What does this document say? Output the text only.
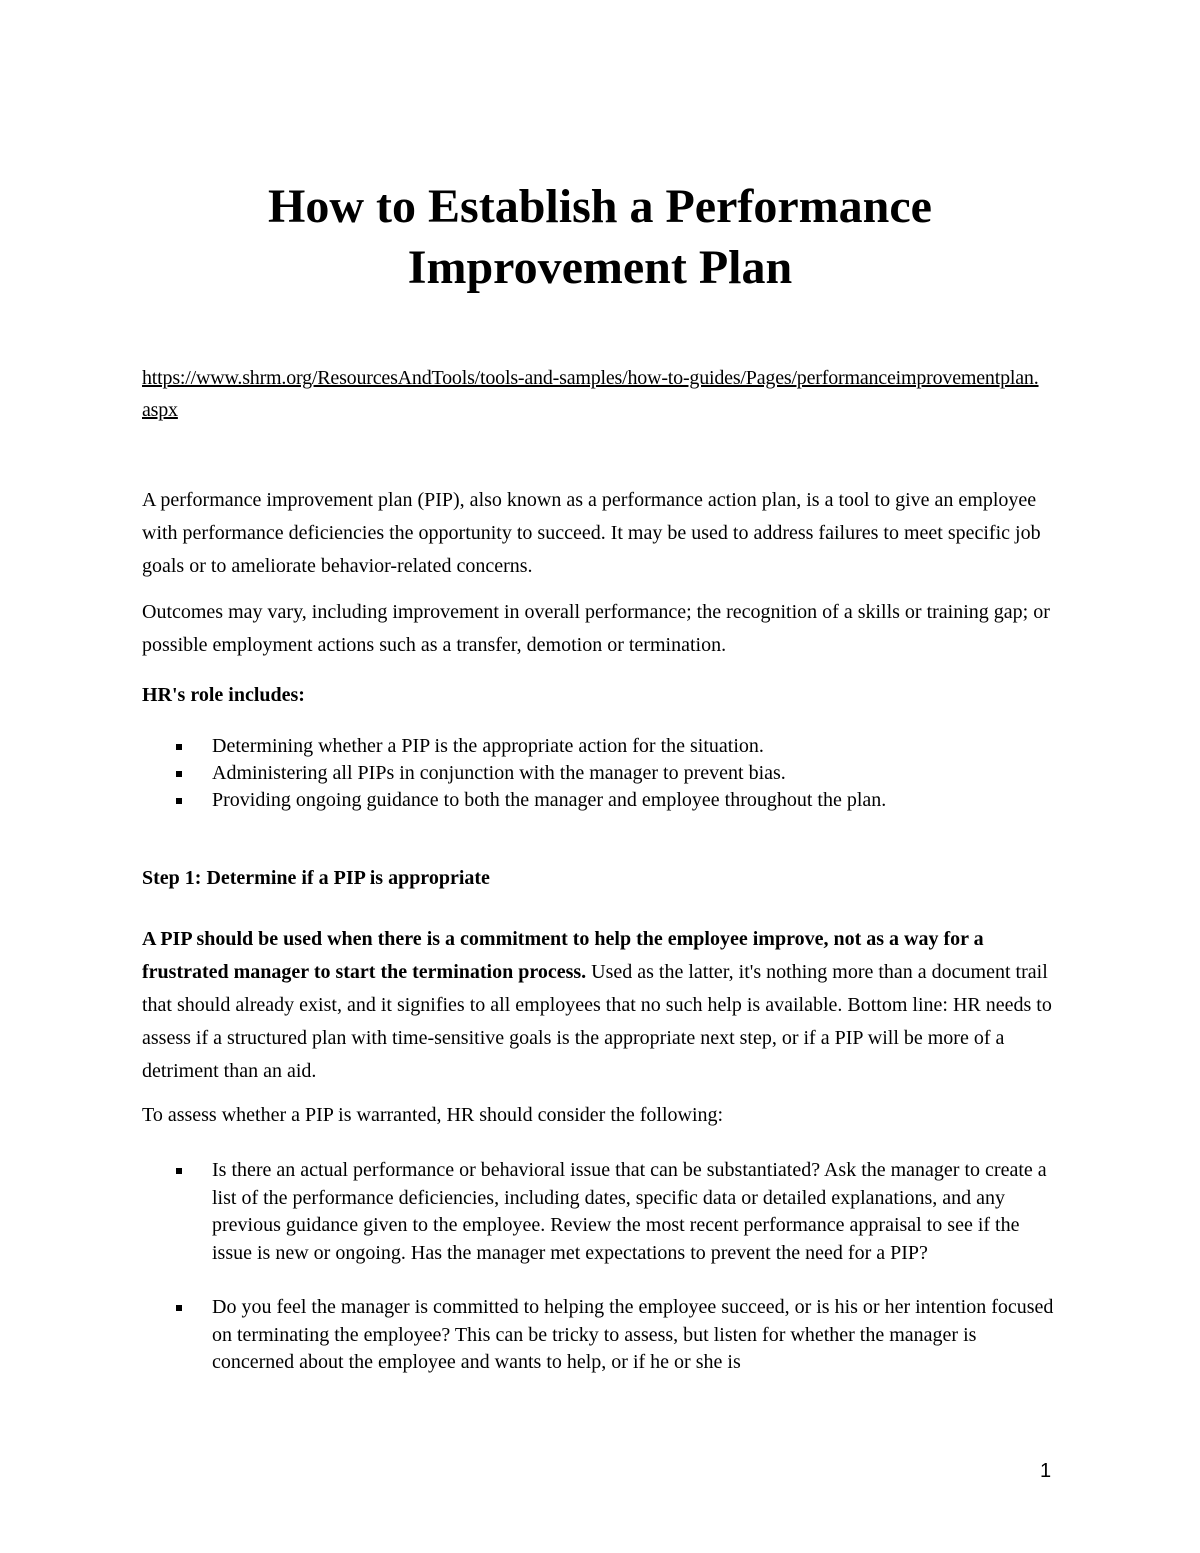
How to Establish a Performance
Improvement Plan
https://www.shrm.org/ResourcesAndTools/tools-and-samples/how-to-guides/Pages/performanceimprovementplan.aspx

A performance improvement plan (PIP), also known as a performance action plan, is a tool to give an employee with performance deficiencies the opportunity to succeed. It may be used to address failures to meet specific job goals or to ameliorate behavior-related concerns.

Outcomes may vary, including improvement in overall performance; the recognition of a skills or training gap; or possible employment actions such as a transfer, demotion or termination.

HR's role includes:

Determining whether a PIP is the appropriate action for the situation.
Administering all PIPs in conjunction with the manager to prevent bias.
Providing ongoing guidance to both the manager and employee throughout the plan.

Step 1: Determine if a PIP is appropriate

A PIP should be used when there is a commitment to help the employee improve, not as a way for a frustrated manager to start the termination process. Used as the latter, it's nothing more than a document trail that should already exist, and it signifies to all employees that no such help is available. Bottom line: HR needs to assess if a structured plan with time-sensitive goals is the appropriate next step, or if a PIP will be more of a detriment than an aid.

To assess whether a PIP is warranted, HR should consider the following:

Is there an actual performance or behavioral issue that can be substantiated? Ask the manager to create a list of the performance deficiencies, including dates, specific data or detailed explanations, and any previous guidance given to the employee. Review the most recent performance appraisal to see if the issue is new or ongoing. Has the manager met expectations to prevent the need for a PIP?
Do you feel the manager is committed to helping the employee succeed, or is his or her intention focused on terminating the employee? This can be tricky to assess, but listen for whether the manager is concerned about the employee and wants to help, or if he or she is
1
